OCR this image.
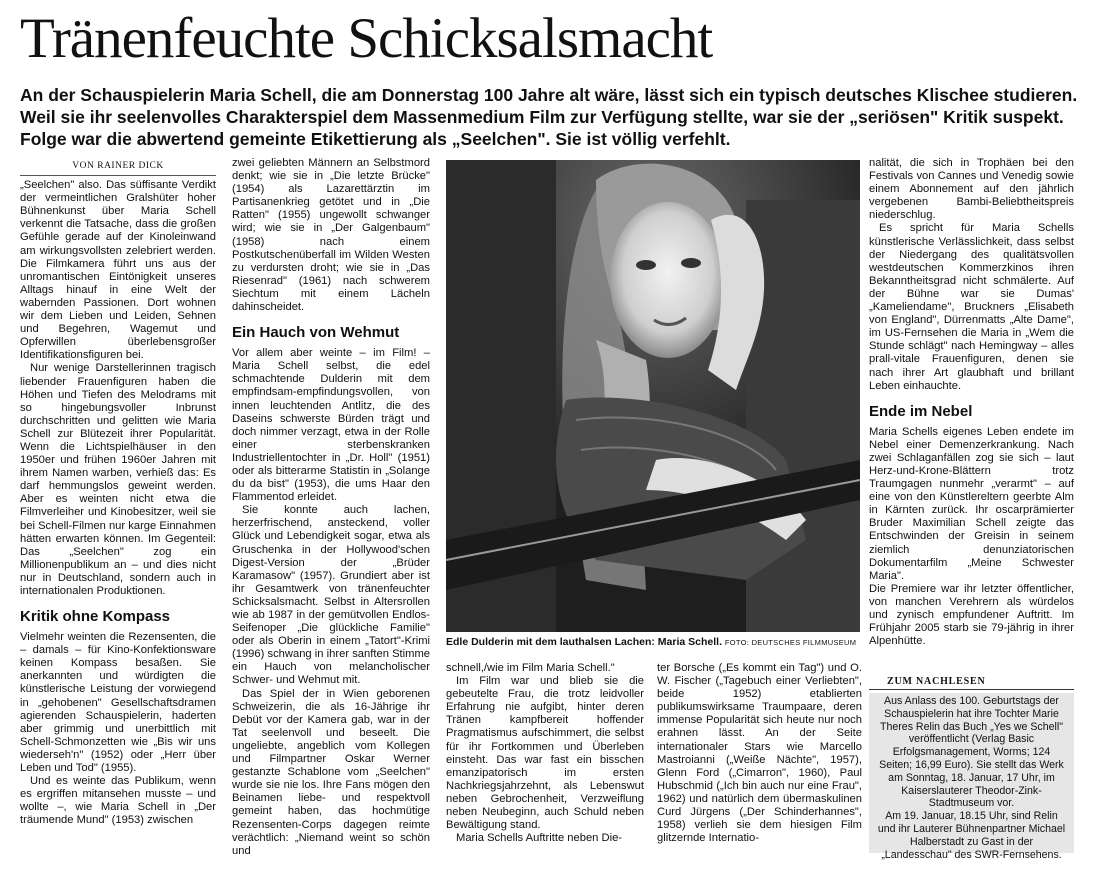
Tränenfeuchte Schicksalsmacht

An der Schauspielerin Maria Schell, die am Donnerstag 100 Jahre alt wäre, lässt sich ein typisch deutsches Klischee studieren. Weil sie ihr seelenvolles Charakterspiel dem Massenmedium Film zur Verfügung stellte, war sie der „seriösen" Kritik suspekt. Folge war die abwertend gemeinte Etikettierung als „Seelchen". Sie ist völlig verfehlt.

VON RAINER DICK

„Seelchen" also. Das süffisante Verdikt der vermeintlichen Gralshüter hoher Bühnenkunst über Maria Schell verkennt die Tatsache, dass die großen Gefühle gerade auf der Kinoleinwand am wirkungsvollsten zelebriert werden. Die Filmkamera führt uns aus der unromantischen Eintönigkeit unseres Alltags hinauf in eine Welt der wabernden Passionen. Dort wohnen wir dem Lieben und Leiden, Sehnen und Begehren, Wagemut und Opferwillen überlebensgroßer Identifikationsfiguren bei.

Nur wenige Darstellerinnen tragisch liebender Frauenfiguren haben die Höhen und Tiefen des Melodrams mit so hingebungsvoller Inbrunst durchschritten und gelitten wie Maria Schell zur Blütezeit ihrer Popularität. Wenn die Lichtspielhäuser in den 1950er und frühen 1960er Jahren mit ihrem Namen warben, verhieß das: Es darf hemmungslos geweint werden. Aber es weinten nicht etwa die Filmverleiher und Kinobesitzer, weil sie bei Schell-Filmen nur karge Einnahmen hätten erwarten können. Im Gegenteil: Das „Seelchen" zog ein Millionenpublikum an – und dies nicht nur in Deutschland, sondern auch in internationalen Produktionen.

Kritik ohne Kompass

Vielmehr weinten die Rezensenten, die – damals – für Kino-Konfektionsware keinen Kompass besaßen. Sie anerkannten und würdigten die künstlerische Leistung der vorwiegend in „gehobenen" Gesellschaftsdramen agierenden Schauspielerin, haderten aber grimmig und unerbittlich mit Schell-Schmonzetten wie „Bis wir uns wiederseh'n" (1952) oder „Herr über Leben und Tod" (1955).

Und es weinte das Publikum, wenn es ergriffen mitansehen musste – und wollte –, wie Maria Schell in „Der träumende Mund" (1953) zwischen

zwei geliebten Männern an Selbstmord denkt; wie sie in „Die letzte Brücke" (1954) als Lazarettärztin im Partisanenkrieg getötet und in „Die Ratten" (1955) ungewollt schwanger wird; wie sie in „Der Galgenbaum" (1958) nach einem Postkutschenüberfall im Wilden Westen zu verdursten droht; wie sie in „Das Riesenrad" (1961) nach schwerem Siechtum mit einem Lächeln dahinscheidet.

Ein Hauch von Wehmut

Vor allem aber weinte – im Film! – Maria Schell selbst, die edel schmachtende Dulderin mit dem empfindsam-empfindungsvollen, von innen leuchtenden Antlitz, die des Daseins schwerste Bürden trägt und doch nimmer verzagt, etwa in der Rolle einer sterbenskranken Industriellentochter in „Dr. Holl" (1951) oder als bitterarme Statistin in „Solange du da bist" (1953), die ums Haar den Flammentod erleidet.

Sie konnte auch lachen, herzerfrischend, ansteckend, voller Glück und Lebendigkeit sogar, etwa als Gruschenka in der Hollywood'schen Digest-Version der „Brüder Karamasow" (1957). Grundiert aber ist ihr Gesamtwerk von tränenfeuchter Schicksalsmacht. Selbst in Altersrollen wie ab 1987 in der gemütvollen Endlos-Seifenoper „Die glückliche Familie" oder als Oberin in einem „Tatort"-Krimi (1996) schwang in ihrer sanften Stimme ein Hauch von melancholischer Schwer- und Wehmut mit.

Das Spiel der in Wien geborenen Schweizerin, die als 16-Jährige ihr Debüt vor der Kamera gab, war in der Tat seelenvoll und beseelt. Die ungeliebte, angeblich vom Kollegen und Filmpartner Oskar Werner gestanzte Schablone vom „Seelchen" wurde sie nie los. Ihre Fans mögen den Beinamen liebe- und respektvoll gemeint haben, das hochmütige Rezensenten-Corps dagegen reimte verächtlich: „Niemand weint so schön und

Edle Dulderin mit dem lauthalsen Lachen: Maria Schell. FOTO: DEUTSCHES FILMMUSEUM

schnell,/wie im Film Maria Schell."

Im Film war und blieb sie die gebeutelte Frau, die trotz leidvoller Erfahrung nie aufgibt, hinter deren Tränen kampfbereit hoffender Pragmatismus aufschimmert, die selbst für ihr Fortkommen und Überleben einsteht. Das war fast ein bisschen emanzipatorisch im ersten Nachkriegsjahrzehnt, als Lebenswut neben Gebrochenheit, Verzweiflung neben Neubeginn, auch Schuld neben Bewältigung stand.

Maria Schells Auftritte neben Die-

ter Borsche („Es kommt ein Tag") und O. W. Fischer („Tagebuch einer Verliebten", beide 1952) etablierten publikumswirksame Traumpaare, deren immense Popularität sich heute nur noch erahnen lässt. An der Seite internationaler Stars wie Marcello Mastroianni („Weiße Nächte", 1957), Glenn Ford („Cimarron", 1960), Paul Hubschmid („Ich bin auch nur eine Frau", 1962) und natürlich dem übermaskulinen Curd Jürgens („Der Schinderhannes", 1958) verlieh sie dem hiesigen Film glitzernde Internatio-

nalität, die sich in Trophäen bei den Festivals von Cannes und Venedig sowie einem Abonnement auf den jährlich vergebenen Bambi-Beliebtheitspreis niederschlug.

Es spricht für Maria Schells künstlerische Verlässlichkeit, dass selbst der Niedergang des qualitätsvollen westdeutschen Kommerzkinos ihren Bekanntheitsgrad nicht schmälerte. Auf der Bühne war sie Dumas' „Kameliendame", Bruckners „Elisabeth von England", Dürrenmatts „Alte Dame", im US-Fernsehen die Maria in „Wem die Stunde schlägt" nach Hemingway – alles prall-vitale Frauenfiguren, denen sie nach ihrer Art glaubhaft und brillant Leben einhauchte.

Ende im Nebel

Maria Schells eigenes Leben endete im Nebel einer Demenzerkrankung. Nach zwei Schlaganfällen zog sie sich – laut Herz-und-Krone-Blättern trotz Traumgagen nunmehr „verarmt" – auf eine von den Künstlereltern geerbte Alm in Kärnten zurück. Ihr oscarprämierter Bruder Maximilian Schell zeigte das Entschwinden der Greisin in seinem ziemlich denunziatorischen Dokumentarfilm „Meine Schwester Maria".

Die Premiere war ihr letzter öffentlicher, von manchen Verehrern als würdelos und zynisch empfundener Auftritt. Im Frühjahr 2005 starb sie 79-jährig in ihrer Alpenhütte.

ZUM NACHLESEN

Aus Anlass des 100. Geburtstags der Schauspielerin hat ihre Tochter Marie Theres Relin das Buch „Yes we Schell" veröffentlicht (Verlag Basic Erfolgsmanagement, Worms; 124 Seiten; 16,99 Euro). Sie stellt das Werk am Sonntag, 18. Januar, 17 Uhr, im Kaiserslauterer Theodor-Zink-Stadtmuseum vor.

Am 19. Januar, 18.15 Uhr, sind Relin und ihr Lauterer Bühnenpartner Michael Halberstadt zu Gast in der „Landesschau" des SWR-Fernsehens.
